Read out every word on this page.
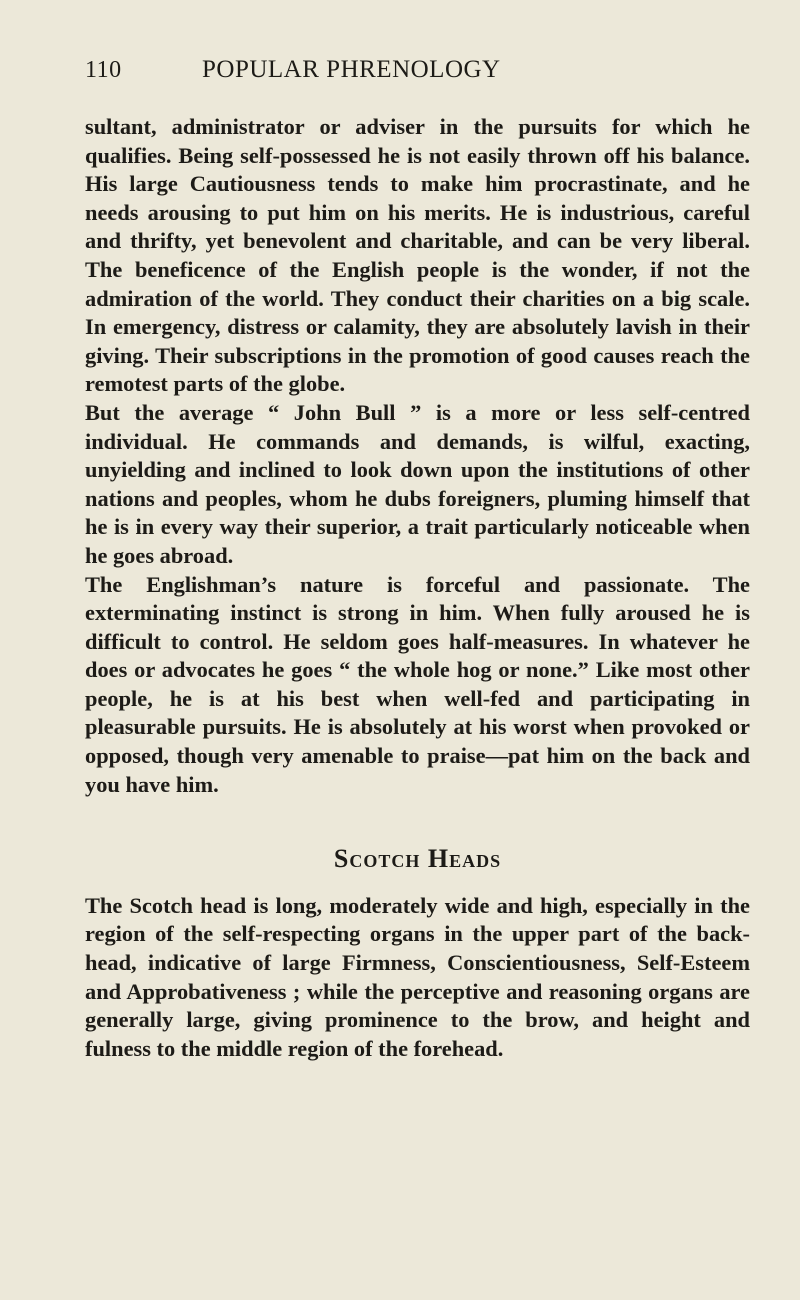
110	POPULAR PHRENOLOGY

sultant, administrator or adviser in the pursuits for which he qualifies. Being self-possessed he is not easily thrown off his balance. His large Cautiousness tends to make him procrastinate, and he needs arousing to put him on his merits. He is industrious, careful and thrifty, yet benevolent and charitable, and can be very liberal. The beneficence of the English people is the wonder, if not the admiration of the world. They conduct their charities on a big scale. In emergency, distress or calamity, they are absolutely lavish in their giving. Their subscriptions in the promotion of good causes reach the remotest parts of the globe.

But the average “ John Bull ” is a more or less self-centred individual. He commands and demands, is wilful, exacting, unyielding and inclined to look down upon the institutions of other nations and peoples, whom he dubs foreigners, pluming himself that he is in every way their superior, a trait particularly noticeable when he goes abroad.

The Englishman’s nature is forceful and passionate. The exterminating instinct is strong in him. When fully aroused he is difficult to control. He seldom goes half-measures. In whatever he does or advocates he goes “ the whole hog or none.” Like most other people, he is at his best when well-fed and participating in pleasurable pursuits. He is absolutely at his worst when provoked or opposed, though very amenable to praise—pat him on the back and you have him.

Scotch Heads

The Scotch head is long, moderately wide and high, especially in the region of the self-respecting organs in the upper part of the back-head, indicative of large Firmness, Conscientiousness, Self-Esteem and Approbativeness ; while the perceptive and reasoning organs are generally large, giving prominence to the brow, and height and fulness to the middle region of the forehead.
